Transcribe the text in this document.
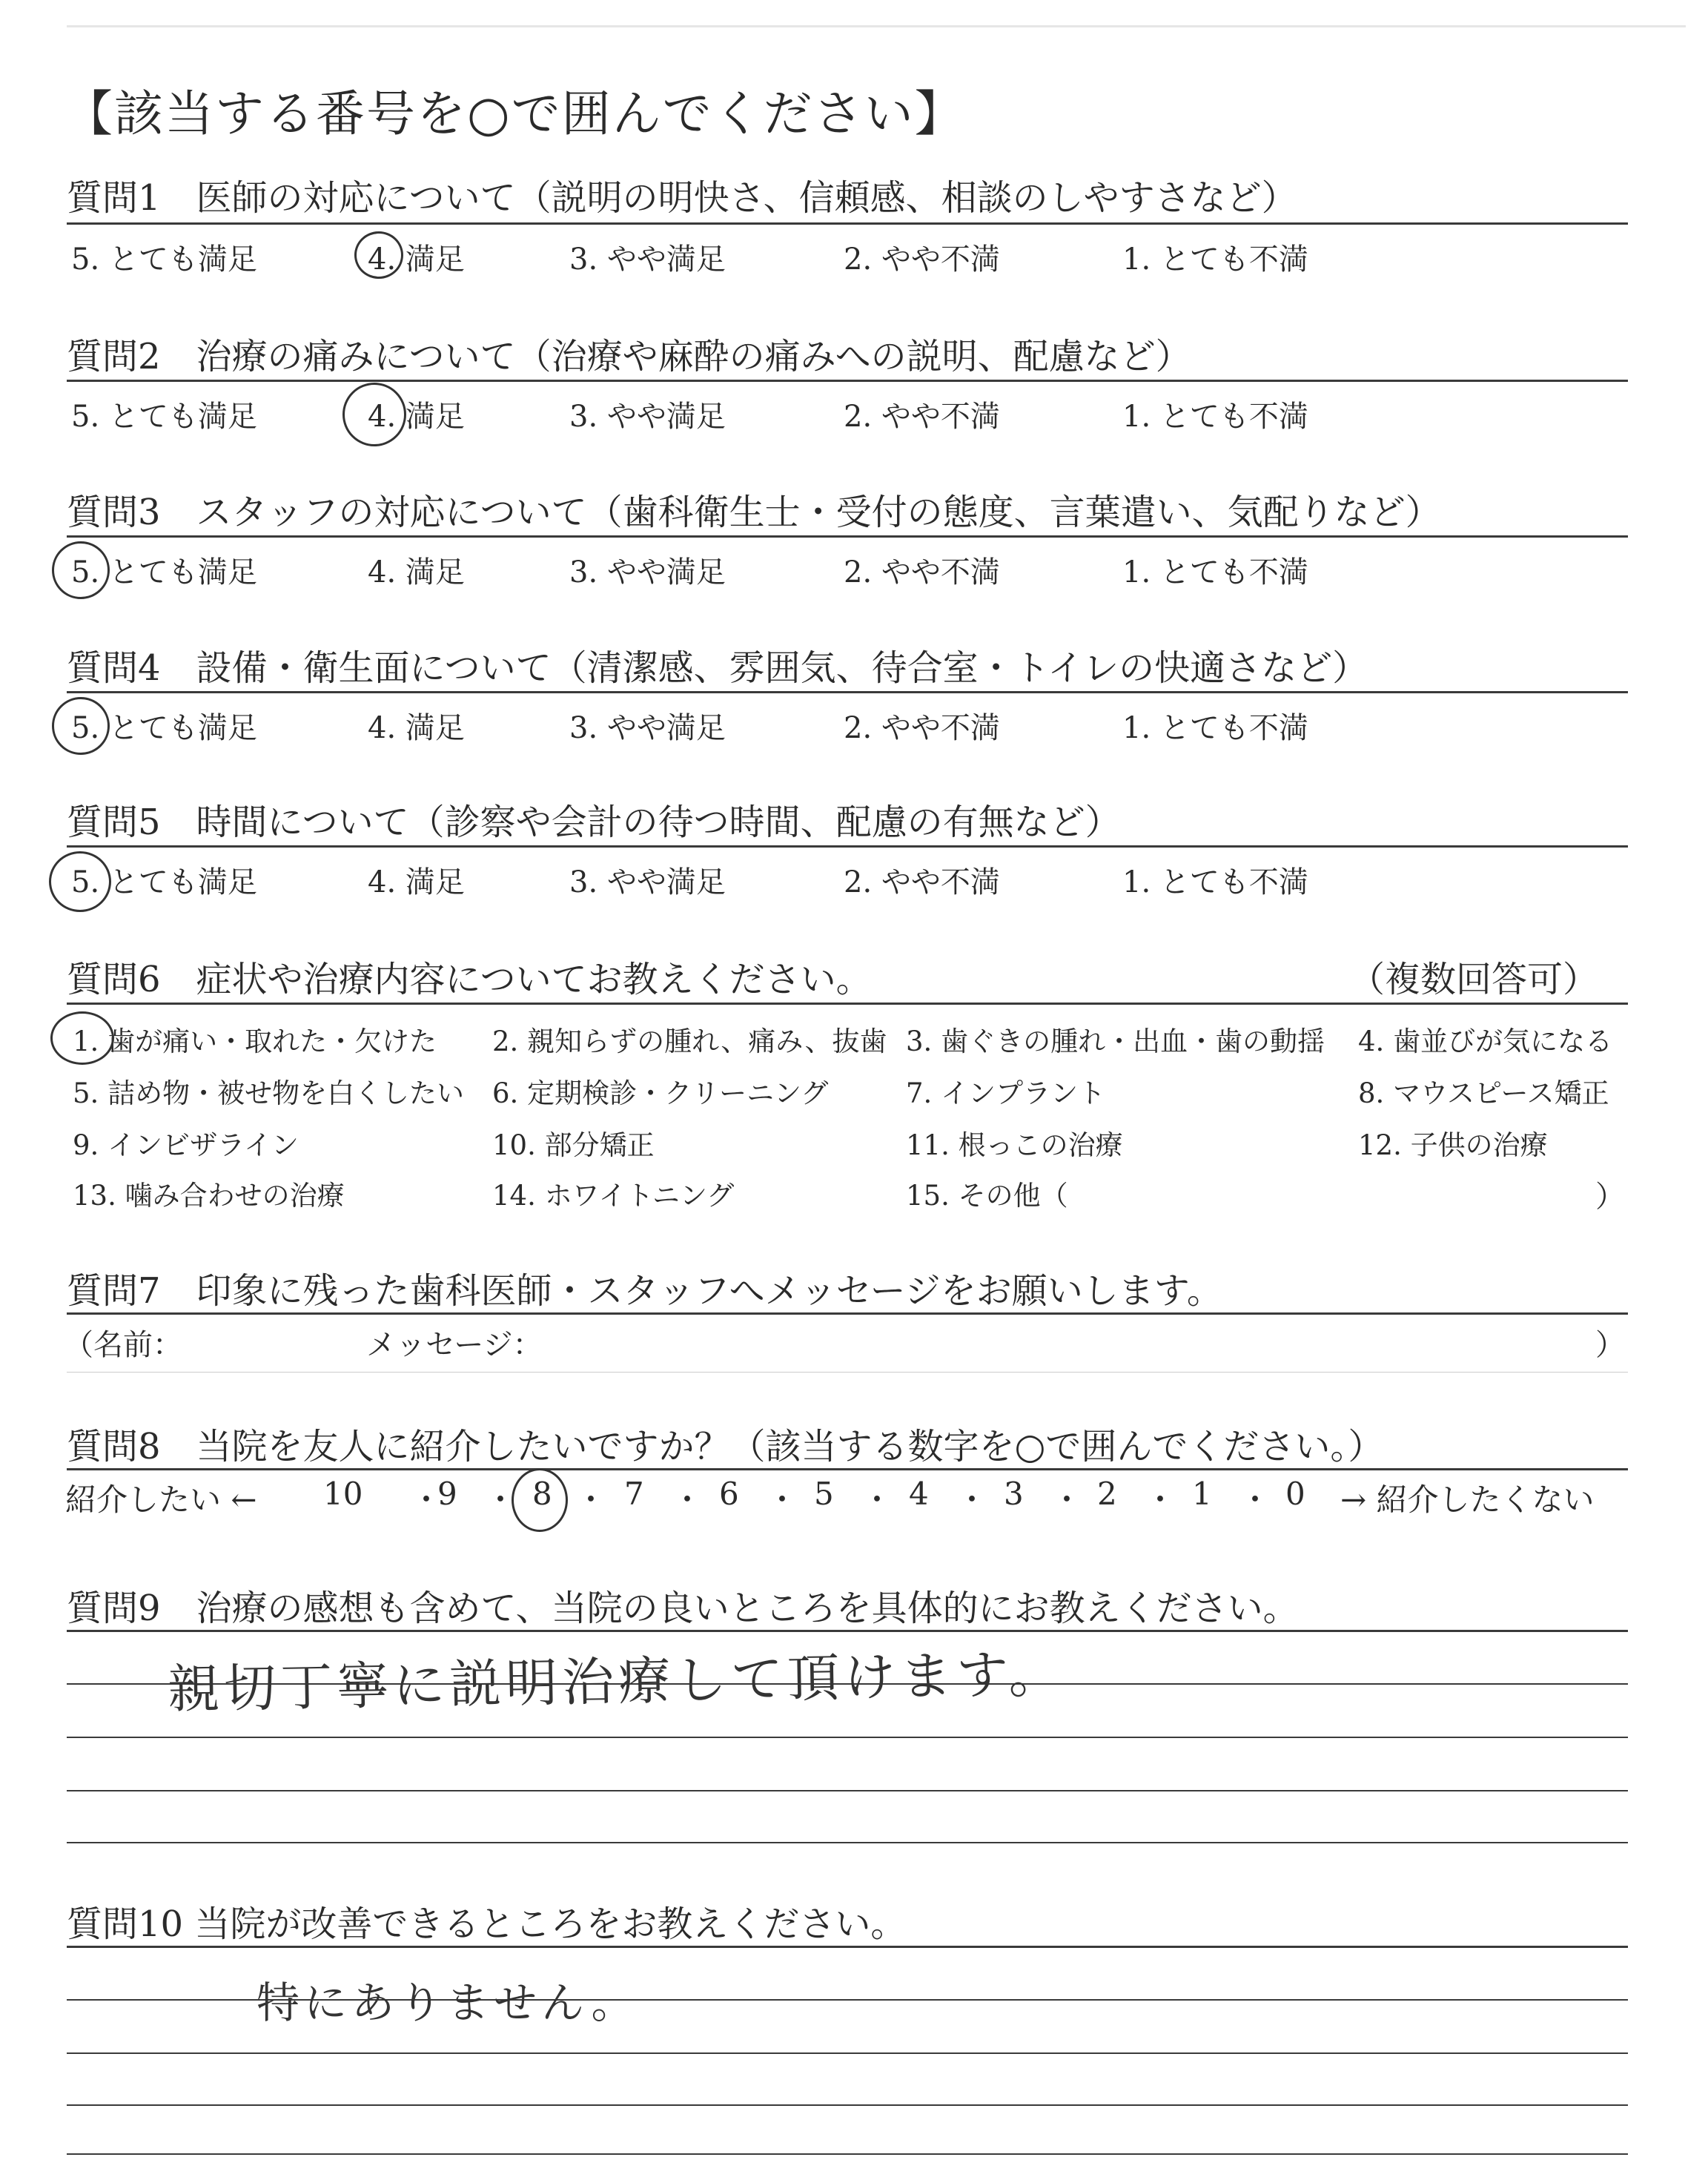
【該当する番号を○で囲んでください】
質問1　医師の対応について（説明の明快さ、信頼感、相談のしやすさなど）
5. とても満足	4. 満足	3. やや満足	2. やや不満	1. とても不満
質問2　治療の痛みについて（治療や麻酔の痛みへの説明、配慮など）
5. とても満足	4. 満足	3. やや満足	2. やや不満	1. とても不満
質問3　スタッフの対応について（歯科衛生士・受付の態度、言葉遣い、気配りなど）
5. とても満足	4. 満足	3. やや満足	2. やや不満	1. とても不満
質問4　設備・衛生面について（清潔感、雰囲気、待合室・トイレの快適さなど）
5. とても満足	4. 満足	3. やや満足	2. やや不満	1. とても不満
質問5　時間について（診察や会計の待つ時間、配慮の有無など）
5. とても満足	4. 満足	3. やや満足	2. やや不満	1. とても不満
質問6　症状や治療内容についてお教えください。	（複数回答可）
1. 歯が痛い・取れた・欠けた 2. 親知らずの腫れ、痛み、抜歯 3. 歯ぐきの腫れ・出血・歯の動揺 4. 歯並びが気になる
5. 詰め物・被せ物を白くしたい 6. 定期検診・クリーニング	7. インプラント	8. マウスピース矯正
9. インビザライン	10. 部分矯正	11. 根っこの治療	12. 子供の治療
13. 噛み合わせの治療	14. ホワイトニング	15. その他（	）
質問7　印象に残った歯科医師・スタッフへメッセージをお願いします。
（名前：	メッセージ：	）
質問8　当院を友人に紹介したいですか？（該当する数字を○で囲んでください。）
紹介したい ← 10 ・
9 ・ 8 ・ 7 ・ 6 ・ 5 ・ 4 ・ 3 ・ 2 ・ 1 ・ 0 → 紹介したくない
質問9　治療の感想も含めて、当院の良いところを具体的にお教えください。
親切丁寧に説明治療して頂けます。
質問10 当院が改善できるところをお教えください。
特にありません。
